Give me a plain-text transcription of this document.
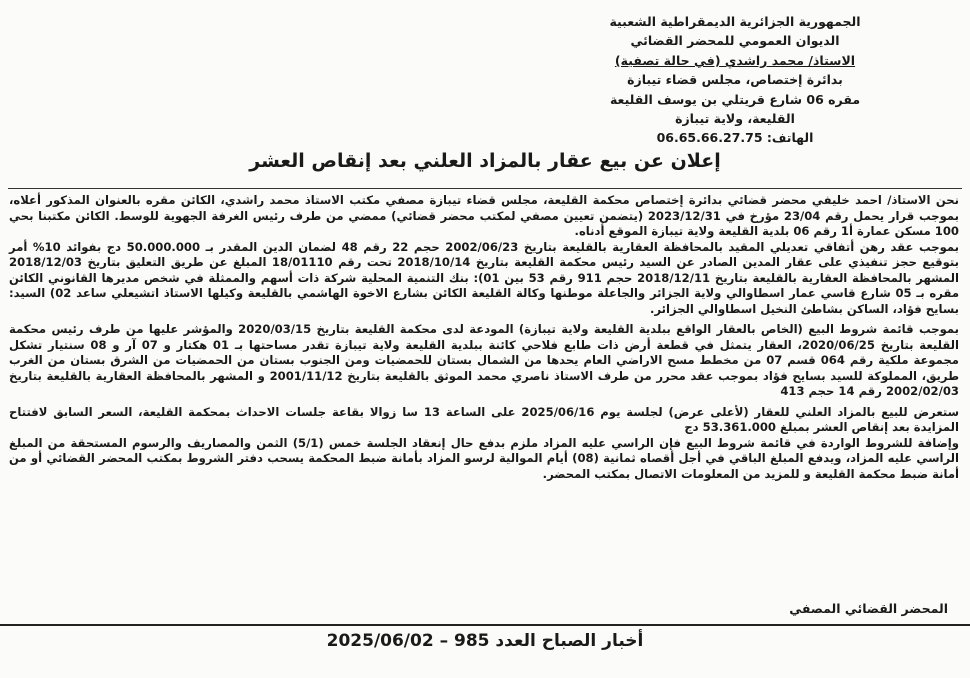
الجمهورية الجزائرية الديمقراطية الشعبية
الديوان العمومي للمحضر القضائي
الاستاذ/ محمد راشدي (في حالة تصفية)
بدائرة إختصاص، مجلس قضاء تيبازة
مقره 06 شارع قريتلي بن يوسف القليعة
القليعة، ولاية تيبازة
الهاتف: 06.65.66.27.75
إعلان عن بيع عقار بالمزاد العلني بعد إنقاص العشر

نحن الاستاذ/ احمد خليفي محضر قضائي بدائرة إختصاص محكمة القليعة، مجلس قضاء تيبازة مصفي مكتب الاستاذ محمد راشدي، الكائن مقره بالعنوان المذكور أعلاه، بموجب قرار يحمل رقم 23/04 مؤرخ في 2023/12/31 (يتضمن تعيين مصفي لمكتب محضر قضائي) ممضي من طرف رئيس الغرفة الجهوية للوسط. الكائن مكتبنا بحي 100 مسكن عمارة أ1 رقم 06 بلدية القليعة ولاية تيبازة الموقع أدناه.

بموجب عقد رهن أتفاقي تعديلي المقيد بالمحافظة العقارية بالقليعة بتاريخ 2002/06/23 حجم 22 رقم 48 لضمان الدين المقدر بـ 50.000.000 دج بفوائد 10% أمر بتوقيع حجز تنفيذي على عقار المدين الصادر عن السيد رئيس محكمة القليعة بتاريخ 2018/10/14 تحت رقم 18/01110 المبلغ عن طريق التعليق بتاريخ 2018/12/03 المشهر بالمحافظة العقارية بالقليعة بتاريخ 2018/12/11 حجم 911 رقم 53 بين 01): بنك التنمية المحلية شركة ذات أسهم والممثلة في شخص مديرها القانوني الكائن مقره بـ 05 شارع قاسي عمار اسطاوالي ولاية الجزائر والجاعلة موطنها وكالة القليعة الكائن بشارع الاخوة الهاشمي بالقليعة وكيلها الاستاذ اتشيعلي ساعد 02) السيد: بسايح فؤاد، الساكن بشاطئ النخيل اسطاوالي الجزائر.

بموجب قائمة شروط البيع (الخاص بالعقار الواقع ببلدية القليعة ولاية تيبازة) المودعة لدى محكمة القليعة بتاريخ 2020/03/15 والمؤشر عليها من طرف رئيس محكمة القليعة بتاريخ 2020/06/25، العقار يتمثل في قطعة أرض ذات طابع فلاحي كائنة ببلدية القليعة ولاية تيبازة تقدر مساحتها بـ 01 هكتار و 07 آر و 08 سنتيار تشكل مجموعة ملكية رقم 064 قسم 07 من مخطط مسح الاراضي العام يحدها من الشمال بستان للحمضيات ومن الجنوب بستان من الحمضيات من الشرق بستان من الغرب طريق، المملوكة للسيد بسايح فؤاد بموجب عقد محرر من طرف الاستاذ ناصري محمد الموثق بالقليعة بتاريخ 2001/11/12 و المشهر بالمحافظة العقارية بالقليعة بتاريخ 2002/02/03 رقم 14 حجم 413

ستعرض للبيع بالمزاد العلني للعقار (لأعلى عرض) لجلسة يوم 2025/06/16 على الساعة 13 سا زوالا بقاعة جلسات الاحداث بمحكمة القليعة، السعر السابق لافتتاح المزايدة بعد إنقاص العشر بمبلغ 53.361.000 دج

وإضافة للشروط الواردة في قائمة شروط البيع فإن الراسي عليه المزاد ملزم بدفع حال إنعقاد الجلسة خمس (5/1) الثمن والمصاريف والرسوم المستحقة من المبلغ الراسي عليه المزاد، ويدفع المبلغ الباقي في أجل أقصاه ثمانية (08) أيام الموالية لرسو المزاد بأمانة ضبط المحكمة يسحب دفتر الشروط بمكتب المحضر القضائي أو من أمانة ضبط محكمة القليعة و للمزيد من المعلومات الاتصال بمكتب المحضر.

المحضر القضائي المصفي
أخبار الصباح العدد 985 – 2025/06/02
